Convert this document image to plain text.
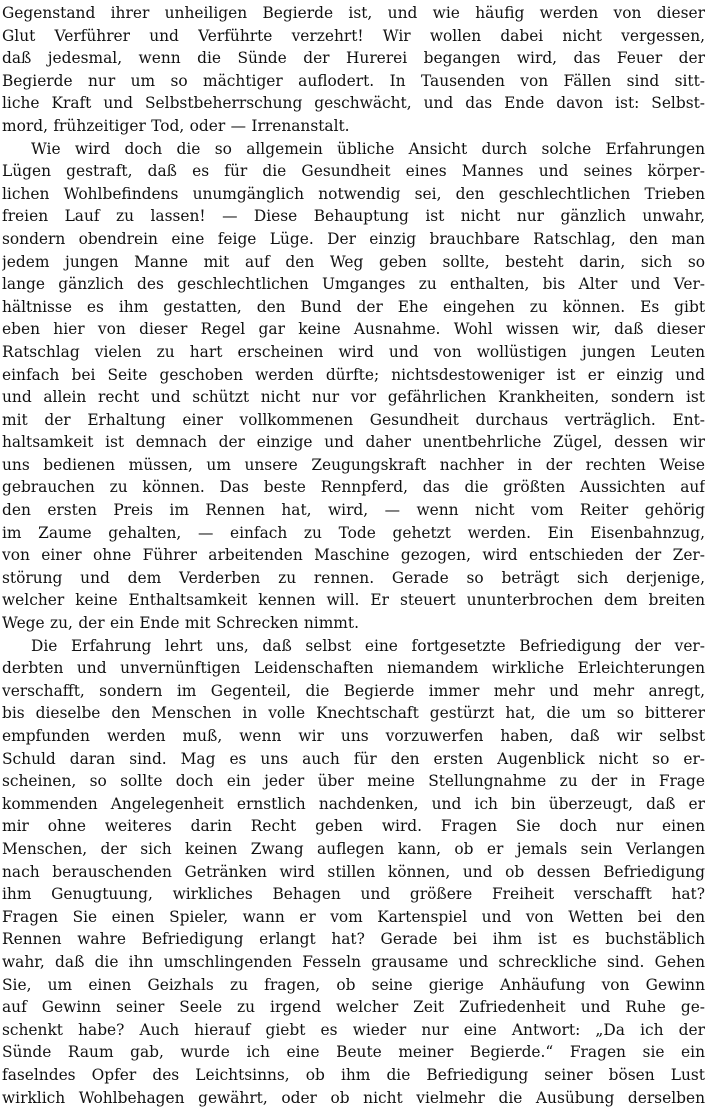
Gegenstand ihrer unheiligen Begierde ist, und wie häufig werden von dieser
Glut Verführer und Verführte verzehrt! Wir wollen dabei nicht vergessen,
daß jedesmal, wenn die Sünde der Hurerei begangen wird, das Feuer der
Begierde nur um so mächtiger auflodert. In Tausenden von Fällen sind sitt-
liche Kraft und Selbstbeherrschung geschwächt, und das Ende davon ist: Selbst-
mord, frühzeitiger Tod, oder — Irrenanstalt.
Wie wird doch die so allgemein übliche Ansicht durch solche Erfahrungen
Lügen gestraft, daß es für die Gesundheit eines Mannes und seines körper-
lichen Wohlbefindens unumgänglich notwendig sei, den geschlechtlichen Trieben
freien Lauf zu lassen! — Diese Behauptung ist nicht nur gänzlich unwahr,
sondern obendrein eine feige Lüge. Der einzig brauchbare Ratschlag, den man
jedem jungen Manne mit auf den Weg geben sollte, besteht darin, sich so
lange gänzlich des geschlechtlichen Umganges zu enthalten, bis Alter und Ver-
hältnisse es ihm gestatten, den Bund der Ehe eingehen zu können. Es gibt
eben hier von dieser Regel gar keine Ausnahme. Wohl wissen wir, daß dieser
Ratschlag vielen zu hart erscheinen wird und von wollüstigen jungen Leuten
einfach bei Seite geschoben werden dürfte; nichtsdestoweniger ist er einzig und
und allein recht und schützt nicht nur vor gefährlichen Krankheiten, sondern ist
mit der Erhaltung einer vollkommenen Gesundheit durchaus verträglich. Ent-
haltsamkeit ist demnach der einzige und daher unentbehrliche Zügel, dessen wir
uns bedienen müssen, um unsere Zeugungskraft nachher in der rechten Weise
gebrauchen zu können. Das beste Rennpferd, das die größten Aussichten auf
den ersten Preis im Rennen hat, wird, — wenn nicht vom Reiter gehörig
im Zaume gehalten, — einfach zu Tode gehetzt werden. Ein Eisenbahnzug,
von einer ohne Führer arbeitenden Maschine gezogen, wird entschieden der Zer-
störung und dem Verderben zu rennen. Gerade so beträgt sich derjenige,
welcher keine Enthaltsamkeit kennen will. Er steuert ununterbrochen dem breiten
Wege zu, der ein Ende mit Schrecken nimmt.
Die Erfahrung lehrt uns, daß selbst eine fortgesetzte Befriedigung der ver-
derbten und unvernünftigen Leidenschaften niemandem wirkliche Erleichterungen
verschafft, sondern im Gegenteil, die Begierde immer mehr und mehr anregt,
bis dieselbe den Menschen in volle Knechtschaft gestürzt hat, die um so bitterer
empfunden werden muß, wenn wir uns vorzuwerfen haben, daß wir selbst
Schuld daran sind. Mag es uns auch für den ersten Augenblick nicht so er-
scheinen, so sollte doch ein jeder über meine Stellungnahme zu der in Frage
kommenden Angelegenheit ernstlich nachdenken, und ich bin überzeugt, daß er
mir ohne weiteres darin Recht geben wird. Fragen Sie doch nur einen
Menschen, der sich keinen Zwang auflegen kann, ob er jemals sein Verlangen
nach berauschenden Getränken wird stillen können, und ob dessen Befriedigung
ihm Genugtuung, wirkliches Behagen und größere Freiheit verschafft hat?
Fragen Sie einen Spieler, wann er vom Kartenspiel und von Wetten bei den
Rennen wahre Befriedigung erlangt hat? Gerade bei ihm ist es buchstäblich
wahr, daß die ihn umschlingenden Fesseln grausame und schreckliche sind. Gehen
Sie, um einen Geizhals zu fragen, ob seine gierige Anhäufung von Gewinn
auf Gewinn seiner Seele zu irgend welcher Zeit Zufriedenheit und Ruhe ge-
schenkt habe? Auch hierauf giebt es wieder nur eine Antwort: „Da ich der
Sünde Raum gab, wurde ich eine Beute meiner Begierde.“ Fragen sie ein
faselndes Opfer des Leichtsinns, ob ihm die Befriedigung seiner bösen Lust
wirklich Wohlbehagen gewährt, oder ob nicht vielmehr die Ausübung derselben
